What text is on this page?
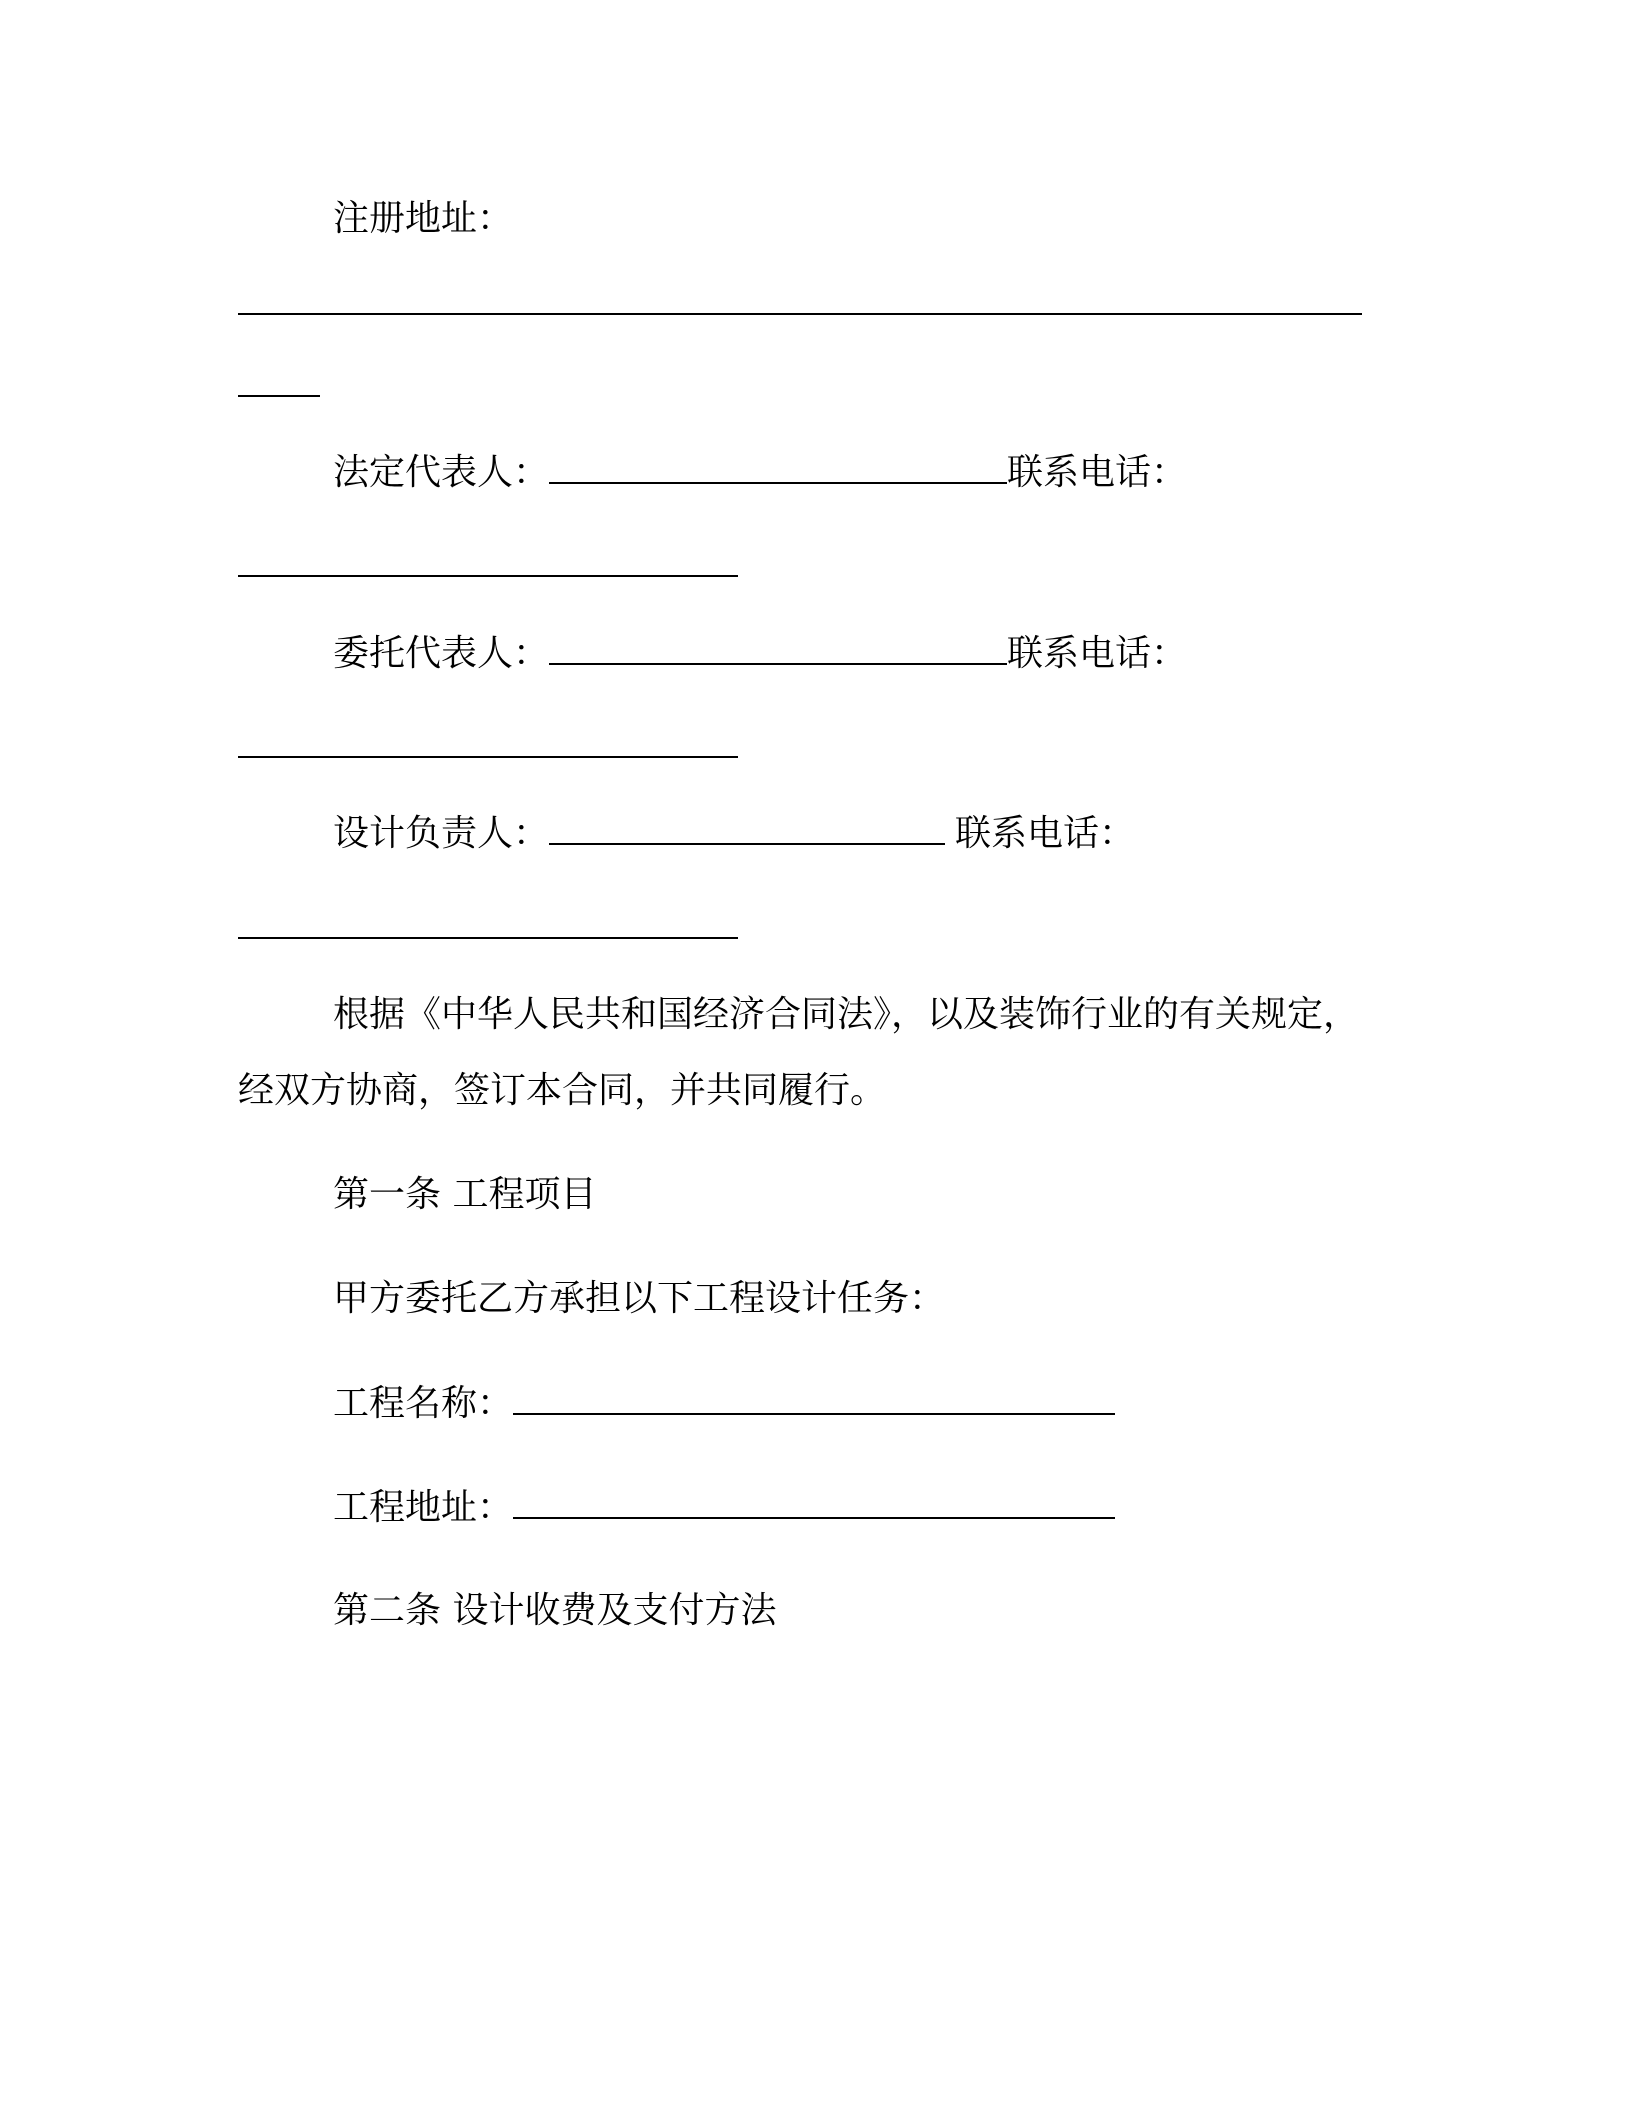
注册地址：
法定代表人：	联系电话：
委托代表人：	联系电话：
设计负责人：	联系电话：
根据《中华人民共和国经济合同法》，以及装饰行业的有关规定，
经双方协商，签订本合同，并共同履行。
第一条 工程项目
甲方委托乙方承担以下工程设计任务：
工程名称：
工程地址：
第二条 设计收费及支付方法
